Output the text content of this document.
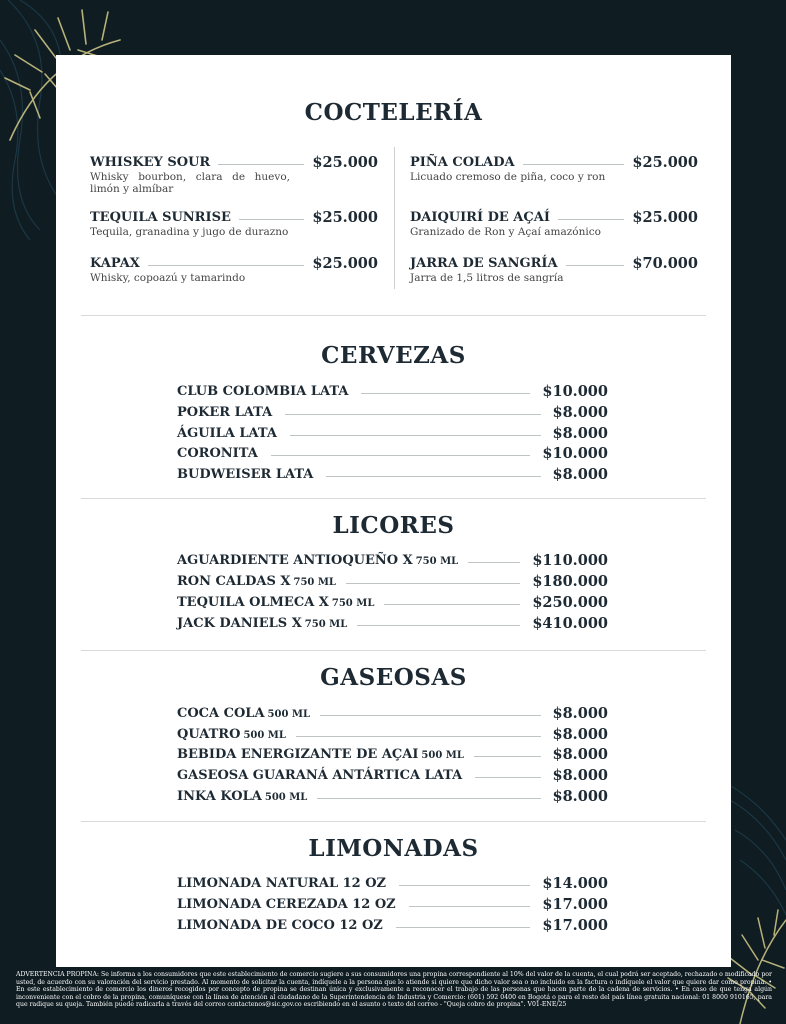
COCTELERÍA
WHISKEY SOUR	$25.000
Whisky bourbon, clara de huevo, limón y almíbar
TEQUILA SUNRISE	$25.000
Tequila, granadina y jugo de durazno
KAPAX	$25.000
Whisky, copoazú y tamarindo
PIÑA COLADA	$25.000
Licuado cremoso de piña, coco y ron
DAIQUIRÍ DE AÇAÍ	$25.000
Granizado de Ron y Açaí amazónico
JARRA DE SANGRÍA	$70.000
Jarra de 1,5 litros de sangría
CERVEZAS
CLUB COLOMBIA LATA	$10.000
POKER LATA	$8.000
ÁGUILA LATA	$8.000
CORONITA	$10.000
BUDWEISER LATA	$8.000
LICORES
AGUARDIENTE ANTIOQUEÑO X 750 ML	$110.000
RON CALDAS X 750 ML	$180.000
TEQUILA OLMECA X 750 ML	$250.000
JACK DANIELS X 750 ML	$410.000
GASEOSAS
COCA COLA 500 ML	$8.000
QUATRO 500 ML	$8.000
BEBIDA ENERGIZANTE DE AÇAI 500 ML	$8.000
GASEOSA GUARANÁ ANTÁRTICA LATA	$8.000
INKA KOLA 500 ML	$8.000
LIMONADAS
LIMONADA NATURAL 12 OZ	$14.000
LIMONADA CEREZADA 12 OZ	$17.000
LIMONADA DE COCO 12 OZ	$17.000
ADVERTENCIA PROPINA: Se informa a los consumidores que este establecimiento de comercio sugiere a sus consumidores una propina correspondiente al 10% del valor de la cuenta, el cual podrá ser aceptado, rechazado o modificado por usted, de acuerdo con su valoración del servicio prestado. Al momento de solicitar la cuenta, indíquele a la persona que lo atiende si quiere que dicho valor sea o no incluido en la factura o indíquele el valor que quiere dar como propina. • En este establecimiento de comercio los dineros recogidos por concepto de propina se destinan única y exclusivamente a reconocer el trabajo de las personas que hacen parte de la cadena de servicios. • En caso de que tenga algún inconveniente con el cobro de la propina, comuníquese con la línea de atención al ciudadano de la Superintendencia de Industria y Comercio: (601) 592 0400 en Bogotá o para el resto del país línea gratuita nacional: 01 8000 910165, para que radique su queja. También puede radicarla a través del correo contactenos@sic.gov.co escribiendo en el asunto o texto del correo - "Queja cobro de propina". V01-ENE/25
